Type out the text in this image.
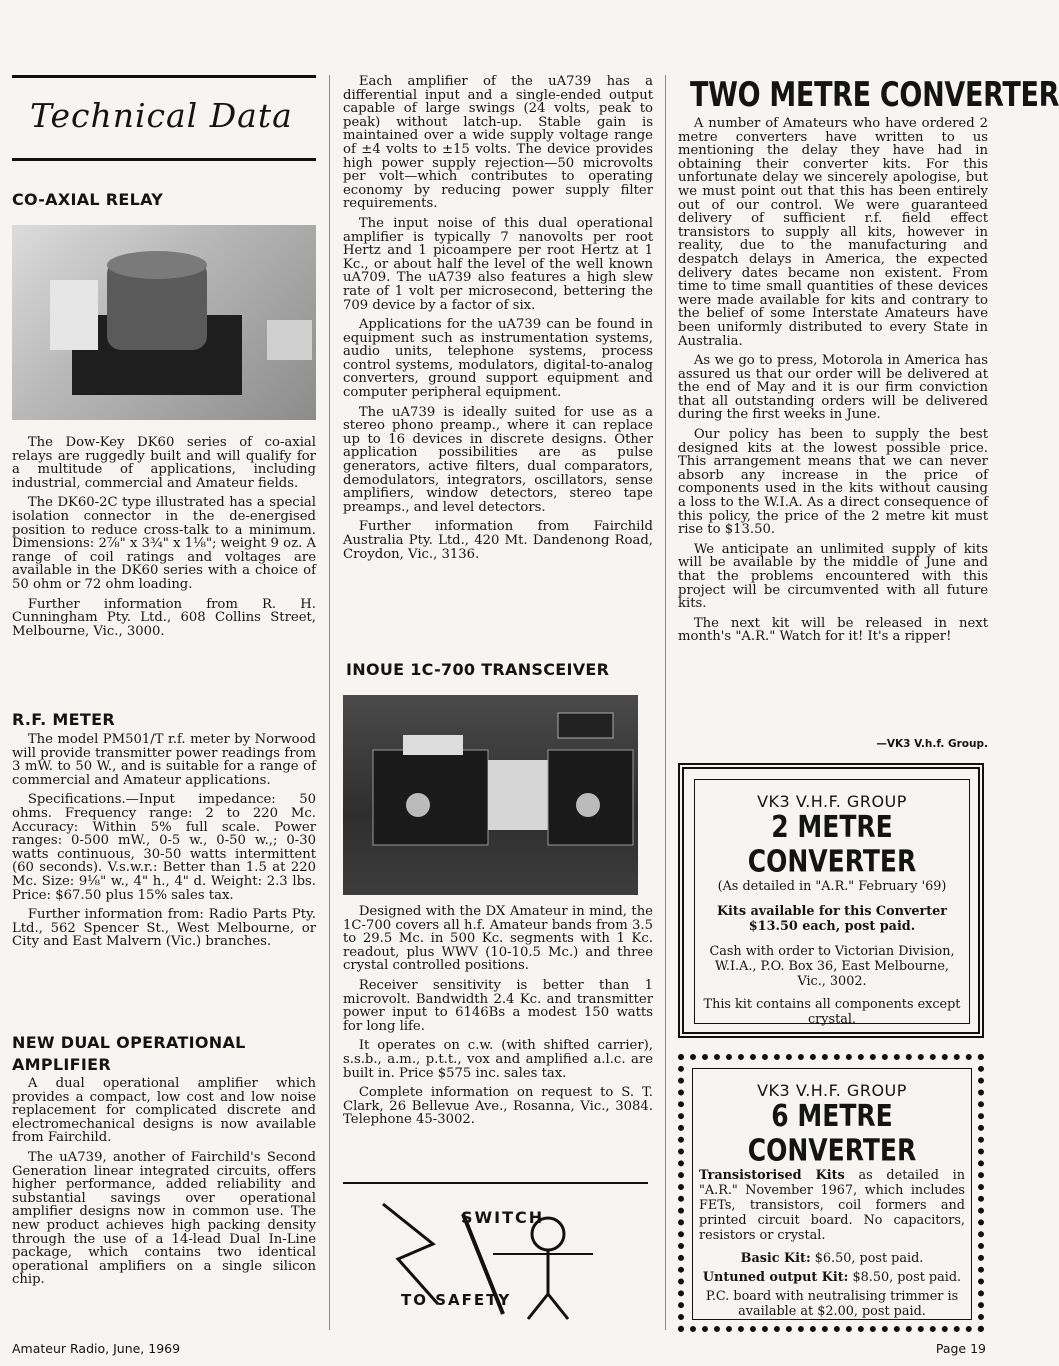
Technical Data
CO-AXIAL RELAY

The Dow-Key DK60 series of co-axial relays are ruggedly built and will qualify for a multitude of applications, including industrial, commercial and Amateur fields.

The DK60-2C type illustrated has a special isolation connector in the de-energised position to reduce cross-talk to a minimum. Dimensions: 2⅞" x 3¾" x 1⅛"; weight 9 oz. A range of coil ratings and voltages are available in the DK60 series with a choice of 50 ohm or 72 ohm loading.

Further information from R. H. Cunningham Pty. Ltd., 608 Collins Street, Melbourne, Vic., 3000.

R.F. METER

The model PM501/T r.f. meter by Norwood will provide transmitter power readings from 3 mW. to 50 W., and is suitable for a range of commercial and Amateur applications.

Specifications.—Input impedance: 50 ohms. Frequency range: 2 to 220 Mc. Accuracy: Within 5% full scale. Power ranges: 0-500 mW., 0-5 w., 0-50 w.,; 0-30 watts continuous, 30-50 watts intermittent (60 seconds). V.s.w.r.: Better than 1.5 at 220 Mc. Size: 9⅛" w., 4" h., 4" d. Weight: 2.3 lbs. Price: $67.50 plus 15% sales tax.

Further information from: Radio Parts Pty. Ltd., 562 Spencer St., West Melbourne, or City and East Malvern (Vic.) branches.

NEW DUAL OPERATIONAL AMPLIFIER

A dual operational amplifier which provides a compact, low cost and low noise replacement for complicated discrete and electromechanical designs is now available from Fairchild.

The uA739, another of Fairchild's Second Generation linear integrated circuits, offers higher performance, added reliability and substantial savings over operational amplifier designs now in common use. The new product achieves high packing density through the use of a 14-lead Dual In-Line package, which contains two identical operational amplifiers on a single silicon chip.

Each amplifier of the uA739 has a differential input and a single-ended output capable of large swings (24 volts, peak to peak) without latch-up. Stable gain is maintained over a wide supply voltage range of ±4 volts to ±15 volts. The device provides high power supply rejection—50 microvolts per volt—which contributes to operating economy by reducing power supply filter requirements.

The input noise of this dual operational amplifier is typically 7 nanovolts per root Hertz and 1 picoampere per root Hertz at 1 Kc., or about half the level of the well known uA709. The uA739 also features a high slew rate of 1 volt per microsecond, bettering the 709 device by a factor of six.

Applications for the uA739 can be found in equipment such as instrumentation systems, audio units, telephone systems, process control systems, modulators, digital-to-analog converters, ground support equipment and computer peripheral equipment.

The uA739 is ideally suited for use as a stereo phono preamp., where it can replace up to 16 devices in discrete designs. Other application possibilities are as pulse generators, active filters, dual comparators, demodulators, integrators, oscillators, sense amplifiers, window detectors, stereo tape preamps., and level detectors.

Further information from Fairchild Australia Pty. Ltd., 420 Mt. Dandenong Road, Croydon, Vic., 3136.

INOUE 1C-700 TRANSCEIVER

Designed with the DX Amateur in mind, the 1C-700 covers all h.f. Amateur bands from 3.5 to 29.5 Mc. in 500 Kc. segments with 1 Kc. readout, plus WWV (10-10.5 Mc.) and three crystal controlled positions.

Receiver sensitivity is better than 1 microvolt. Bandwidth 2.4 Kc. and transmitter power input to 6146Bs a modest 150 watts for long life.

It operates on c.w. (with shifted carrier), s.s.b., a.m., p.t.t., vox and amplified a.l.c. are built in. Price $575 inc. sales tax.

Complete information on request to S. T. Clark, 26 Bellevue Ave., Rosanna, Vic., 3084. Telephone 45-3002.

SWITCH
TO SAFETY
TWO METRE CONVERTER

A number of Amateurs who have ordered 2 metre converters have written to us mentioning the delay they have had in obtaining their converter kits. For this unfortunate delay we sincerely apologise, but we must point out that this has been entirely out of our control. We were guaranteed delivery of sufficient r.f. field effect transistors to supply all kits, however in reality, due to the manufacturing and despatch delays in America, the expected delivery dates became non existent. From time to time small quantities of these devices were made available for kits and contrary to the belief of some Interstate Amateurs have been uniformly distributed to every State in Australia.

As we go to press, Motorola in America has assured us that our order will be delivered at the end of May and it is our firm conviction that all outstanding orders will be delivered during the first weeks in June.

Our policy has been to supply the best designed kits at the lowest possible price. This arrangement means that we can never absorb any increase in the price of components used in the kits without causing a loss to the W.I.A. As a direct consequence of this policy, the price of the 2 metre kit must rise to $13.50.

We anticipate an unlimited supply of kits will be available by the middle of June and that the problems encountered with this project will be circumvented with all future kits.

The next kit will be released in next month's "A.R." Watch for it! It's a ripper!

—VK3 V.h.f. Group.
VK3 V.H.F. GROUP
2 METRE CONVERTER

(As detailed in "A.R." February '69)

Kits available for this Converter $13.50 each, post paid.

Cash with order to Victorian Division, W.I.A., P.O. Box 36, East Melbourne, Vic., 3002.

This kit contains all components except crystal.

VK3 V.H.F. GROUP
6 METRE CONVERTER

Transistorised Kits as detailed in "A.R." November 1967, which includes FETs, transistors, coil formers and printed circuit board. No capacitors, resistors or crystal.

Basic Kit: $6.50, post paid.

Untuned output Kit: $8.50, post paid.

P.C. board with neutralising trimmer is available at $2.00, post paid.

Amateur Radio, June, 1969	Page 19
